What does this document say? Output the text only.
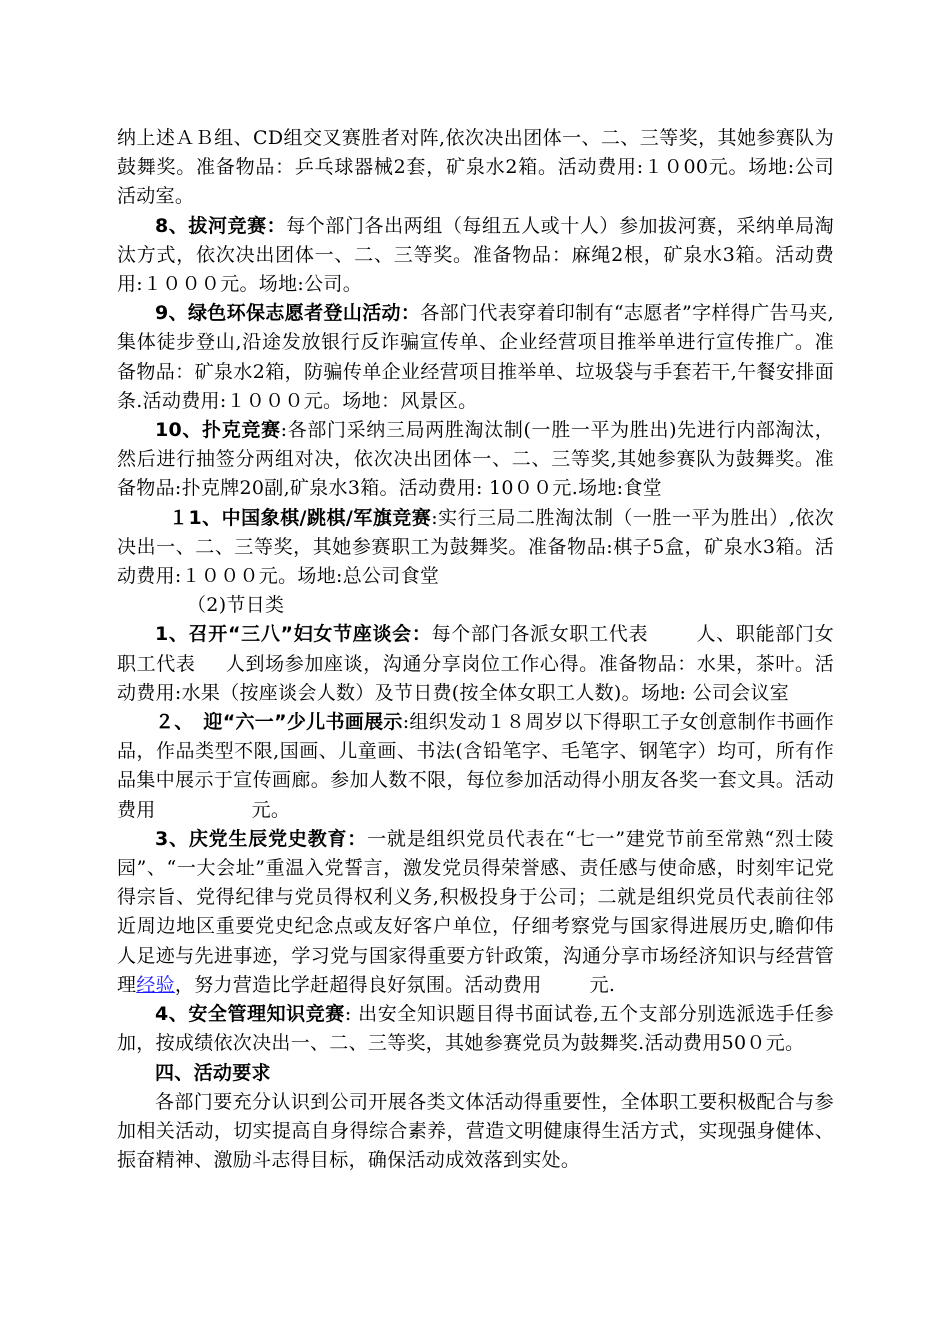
纳上述ＡＢ组、CD组交叉赛胜者对阵,依次决出团体一、二、三等奖，其她参赛队为鼓舞奖。准备物品：乒乓球器械2套，矿泉水2箱。活动费用:１０00元。场地:公司活动室。

8、拔河竞赛：每个部门各出两组（每组五人或十人）参加拔河赛，采纳单局淘汰方式，依次决出团体一、二、三等奖。准备物品：麻绳2根，矿泉水3箱。活动费用:１０００元。场地:公司。

9、绿色环保志愿者登山活动：各部门代表穿着印制有“志愿者”字样得广告马夹,集体徒步登山,沿途发放银行反诈骗宣传单、企业经营项目推举单进行宣传推广。准备物品：矿泉水2箱，防骗传单企业经营项目推举单、垃圾袋与手套若干,午餐安排面条.活动费用:１０００元。场地：风景区。

10、扑克竞赛:各部门采纳三局两胜淘汰制(一胜一平为胜出)先进行内部淘汰，然后进行抽签分两组对决，依次决出团体一、二、三等奖,其她参赛队为鼓舞奖。准备物品:扑克牌20副,矿泉水3箱。活动费用: 10００元.场地:食堂

１1、中国象棋/跳棋/军旗竞赛:实行三局二胜淘汰制（一胜一平为胜出）,依次决出一、二、三等奖，其她参赛职工为鼓舞奖。准备物品:棋子5盒，矿泉水3箱。活动费用:１０００元。场地:总公司食堂

（2)节日类

1、召开“三八”妇女节座谈会：每个部门各派女职工代表	人、职能部门女职工代表 人到场参加座谈，沟通分享岗位工作心得。准备物品：水果，茶叶。活动费用:水果（按座谈会人数）及节日费(按全体女职工人数)。场地: 公司会议室

２、　迎“六一”少儿书画展示:组织发动１８周岁以下得职工子女创意制作书画作品，作品类型不限,国画、儿童画、书法(含铅笔字、毛笔字、钢笔字）均可，所有作品集中展示于宣传画廊。参加人数不限，每位参加活动得小朋友各奖一套文具。活动费用	元。

3、庆党生辰党史教育：一就是组织党员代表在“七一”建党节前至常熟“烈士陵园”、“一大会址”重温入党誓言，激发党员得荣誉感、责任感与使命感，时刻牢记党得宗旨、党得纪律与党员得权利义务,积极投身于公司；二就是组织党员代表前往邻近周边地区重要党史纪念点或友好客户单位，仔细考察党与国家得进展历史,瞻仰伟人足迹与先进事迹，学习党与国家得重要方针政策，沟通分享市场经济知识与经营管理经验，努力营造比学赶超得良好氛围。活动费用	元.

4、安全管理知识竞赛: 出安全知识题目得书面试卷,五个支部分别选派选手任参加，按成绩依次决出一、二、三等奖，其她参赛党员为鼓舞奖.活动费用50０元。

四、活动要求

各部门要充分认识到公司开展各类文体活动得重要性，全体职工要积极配合与参加相关活动，切实提高自身得综合素养，营造文明健康得生活方式，实现强身健体、振奋精神、激励斗志得目标，确保活动成效落到实处。
